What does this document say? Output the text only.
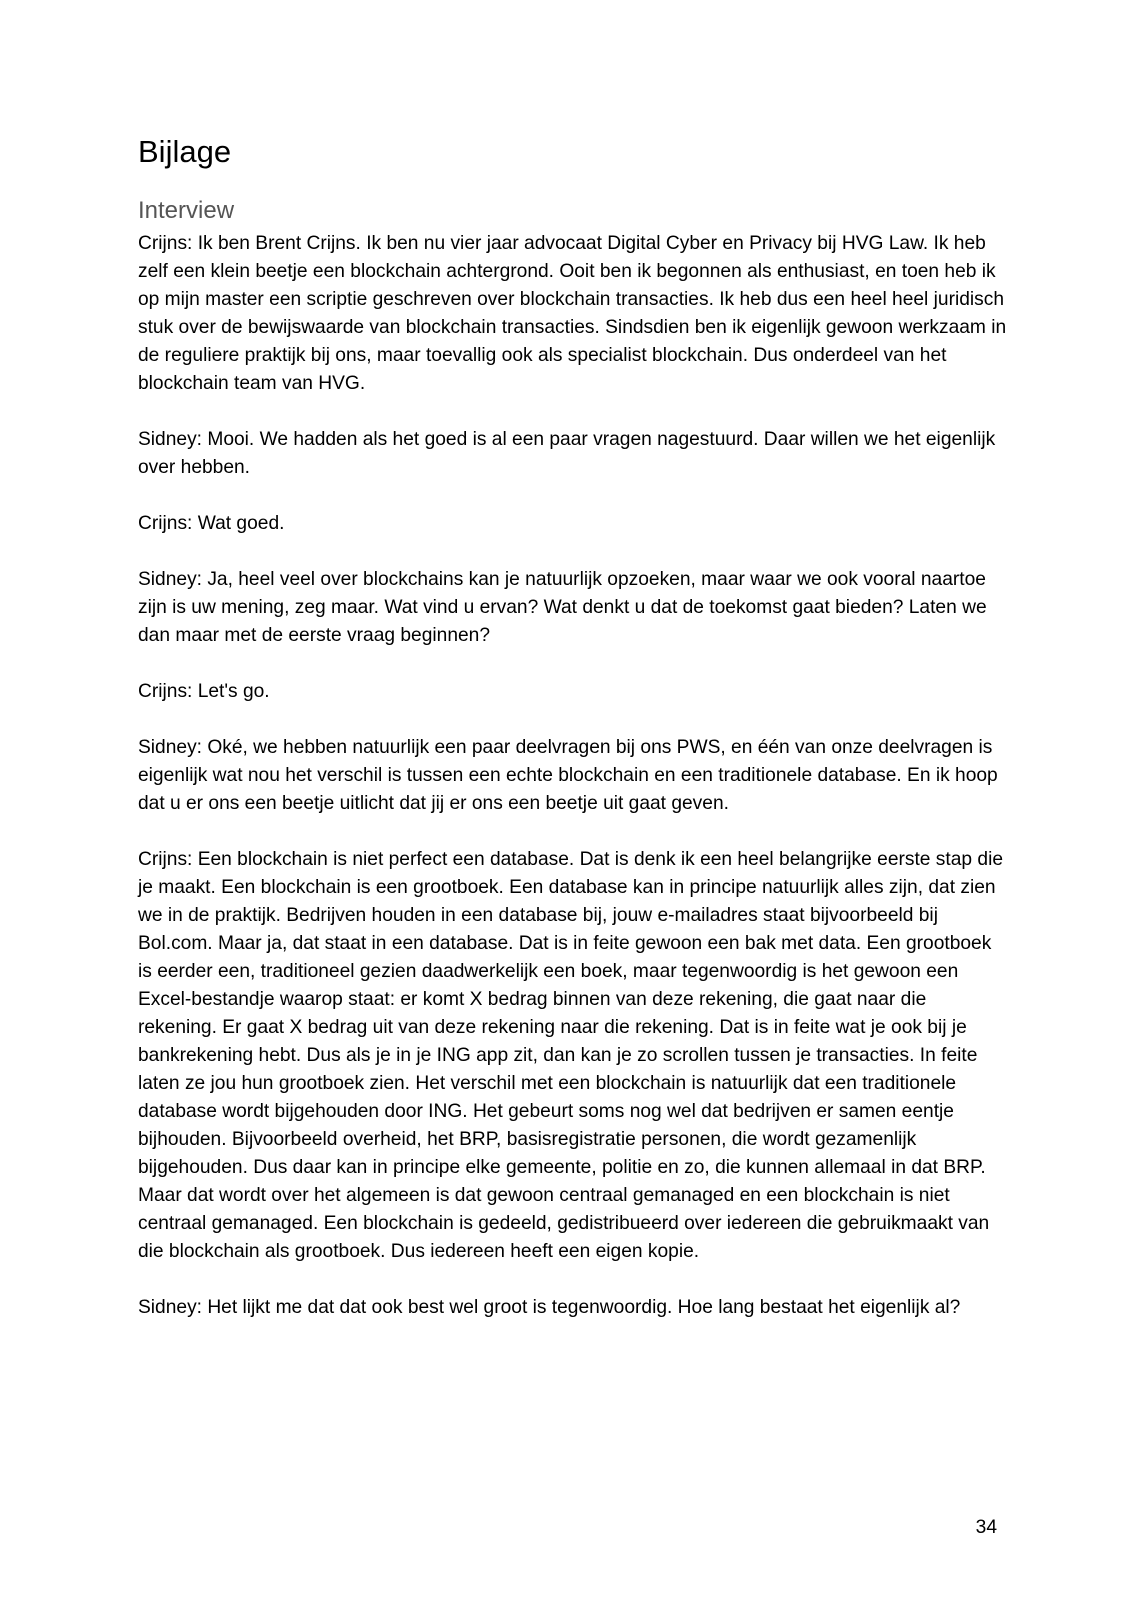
Bijlage
Interview

Crijns: Ik ben Brent Crijns. Ik ben nu vier jaar advocaat Digital Cyber en Privacy bij HVG Law. Ik heb zelf een klein beetje een blockchain achtergrond. Ooit ben ik begonnen als enthusiast, en toen heb ik op mijn master een scriptie geschreven over blockchain transacties. Ik heb dus een heel heel juridisch stuk over de bewijswaarde van blockchain transacties. Sindsdien ben ik eigenlijk gewoon werkzaam in de reguliere praktijk bij ons, maar toevallig ook als specialist blockchain. Dus onderdeel van het blockchain team van HVG.

Sidney: Mooi. We hadden als het goed is al een paar vragen nagestuurd. Daar willen we het eigenlijk over hebben.

Crijns: Wat goed.

Sidney: Ja, heel veel over blockchains kan je natuurlijk opzoeken, maar waar we ook vooral naartoe zijn is uw mening, zeg maar. Wat vind u ervan? Wat denkt u dat de toekomst gaat bieden? Laten we dan maar met de eerste vraag beginnen?

Crijns: Let's go.

Sidney: Oké, we hebben natuurlijk een paar deelvragen bij ons PWS, en één van onze deelvragen is eigenlijk wat nou het verschil is tussen een echte blockchain en een traditionele database. En ik hoop dat u er ons een beetje uitlicht dat jij er ons een beetje uit gaat geven.

Crijns: Een blockchain is niet perfect een database. Dat is denk ik een heel belangrijke eerste stap die je maakt. Een blockchain is een grootboek. Een database kan in principe natuurlijk alles zijn, dat zien we in de praktijk. Bedrijven houden in een database bij, jouw e-mailadres staat bijvoorbeeld bij Bol.com. Maar ja, dat staat in een database. Dat is in feite gewoon een bak met data. Een grootboek is eerder een, traditioneel gezien daadwerkelijk een boek, maar tegenwoordig is het gewoon een Excel-bestandje waarop staat: er komt X bedrag binnen van deze rekening, die gaat naar die rekening. Er gaat X bedrag uit van deze rekening naar die rekening. Dat is in feite wat je ook bij je bankrekening hebt. Dus als je in je ING app zit, dan kan je zo scrollen tussen je transacties. In feite laten ze jou hun grootboek zien. Het verschil met een blockchain is natuurlijk dat een traditionele database wordt bijgehouden door ING. Het gebeurt soms nog wel dat bedrijven er samen eentje bijhouden. Bijvoorbeeld overheid, het BRP, basisregistratie personen, die wordt gezamenlijk bijgehouden. Dus daar kan in principe elke gemeente, politie en zo, die kunnen allemaal in dat BRP. Maar dat wordt over het algemeen is dat gewoon centraal gemanaged en een blockchain is niet centraal gemanaged. Een blockchain is gedeeld, gedistribueerd over iedereen die gebruikmaakt van die blockchain als grootboek. Dus iedereen heeft een eigen kopie.

Sidney: Het lijkt me dat dat ook best wel groot is tegenwoordig. Hoe lang bestaat het eigenlijk al?

34
